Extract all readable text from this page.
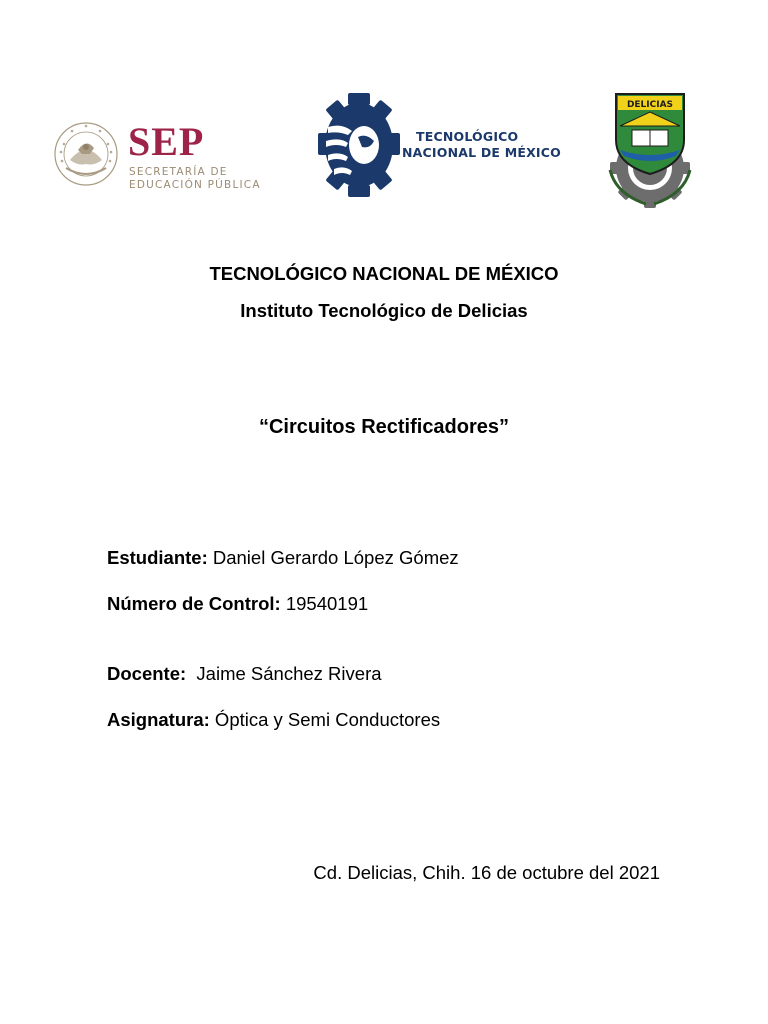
SEP
SECRETARÍA DE
EDUCACIÓN PÚBLICA
TECNOLÓGICO
NACIONAL DE MÉXICO
DELICIAS
TECNOLÓGICO NACIONAL DE MÉXICO
Instituto Tecnológico de Delicias
“Circuitos Rectificadores”
Estudiante: Daniel Gerardo López Gómez
Número de Control: 19540191
Docente:  Jaime Sánchez Rivera
Asignatura: Óptica y Semi Conductores
Cd. Delicias, Chih. 16 de octubre del 2021
